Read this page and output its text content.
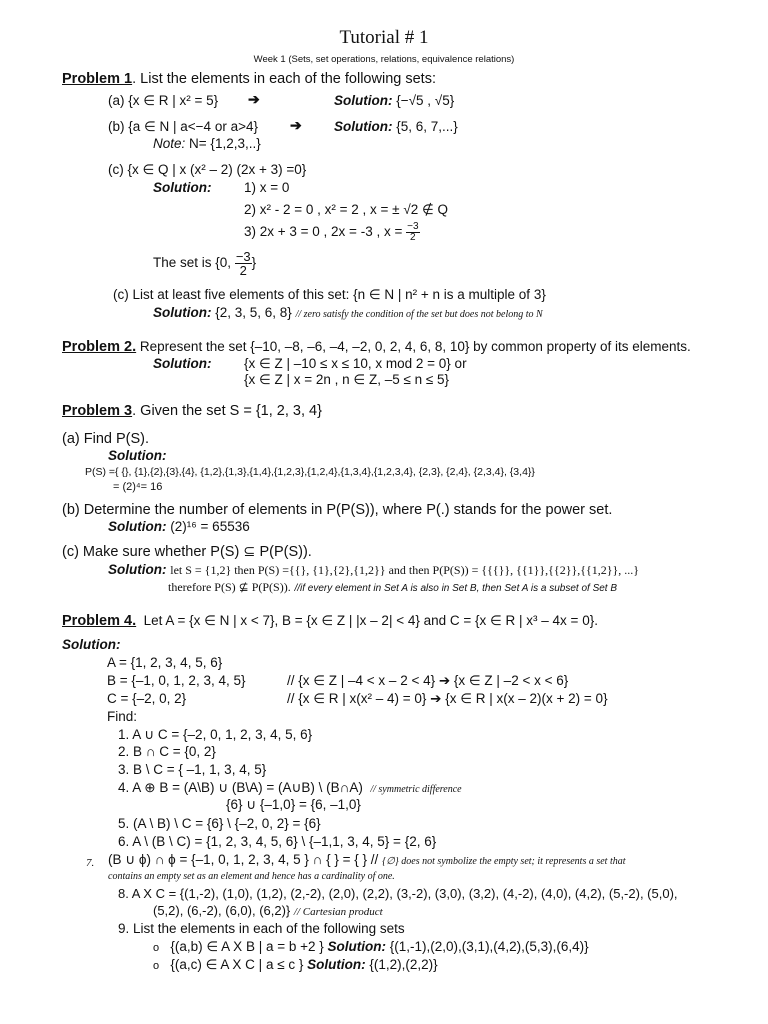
Tutorial # 1
Week 1 (Sets, set operations, relations, equivalence relations)
Problem 1. List the elements in each of the following sets:
(a) {x ∈ R | x² = 5} ➔	Solution: {−√5 , √5}
(b) {a ∈ N | a<−4 or a>4} ➔ Solution: {5, 6, 7,...}
Note: N= {1,2,3,..}
(c) {x ∈ Q | x (x² – 2) (2x + 3) =0}
Solution: 1) x = 0
2) x² - 2 = 0 , x² = 2 , x = ± √2 ∉ Q
3) 2x + 3 = 0 , 2x = -3 , $x = \frac{-3}{2}$
The set is {0, $\frac{-3}{2}$ }
(c) List at least five elements of this set: {n ∈ N | n² + n is a multiple of 3}
Solution: {2, 3, 5, 6, 8} // zero satisfy the condition of the set but does not belong to N
Problem 2. Represent the set {–10, –8, –6, –4, –2, 0, 2, 4, 6, 8, 10} by common property of its elements.
Solution: {x ∈ Z | –10 ≤ x ≤ 10, x mod 2 = 0} or
{x ∈ Z | x = 2n , n ∈ Z, –5 ≤ n ≤ 5}
Problem 3. Given the set S = {1, 2, 3, 4}
(a) Find P(S).
Solution:
P(S) ={ {}, {1},{2},{3},{4}, {1,2},{1,3},{1,4},{1,2,3},{1,2,4},{1,3,4},{1,2,3,4}, {2,3}, {2,4}, {2,3,4}, {3,4}}
= (2)⁴= 16
(b) Determine the number of elements in P(P(S)), where P(.) stands for the power set.
Solution: (2)¹⁶ = 65536
(c) Make sure whether P(S) ⊆ P(P(S)).
Solution: let S = {1,2} then P(S) ={{}, {1},{2},{1,2}} and then P(P(S)) = {{{}}, {{1}},{{2}},{{1,2}}, ...}
therefore P(S) ⊈ P(P(S)). //if every element in Set A is also in Set B, then Set A is a subset of Set B
Problem 4. Let A = {x ∈ N | x < 7}, B = {x ∈ Z | |x – 2| < 4} and C = {x ∈ R | x³ – 4x = 0}.
Solution:
A = {1, 2, 3, 4, 5, 6}
B = {–1, 0, 1, 2, 3, 4, 5}	// {x ∈ Z | –4 < x – 2 < 4} ➔ {x ∈ Z | –2 < x < 6}
C = {–2, 0, 2}	// {x ∈ R | x(x² – 4) = 0} ➔ {x ∈ R | x(x – 2)(x + 2) = 0}
Find:
1. A ∪ C = {–2, 0, 1, 2, 3, 4, 5, 6}
2. B ∩ C = {0, 2}
3. B \ C = { –1, 1, 3, 4, 5}
4. A ⊕ B = (A\B) ∪ (B\A) = (A∪B) \ (B∩A) // symmetric difference
{6} ∪ {–1,0} = {6, –1,0}
5. (A \ B) \ C = {6} \ {–2, 0, 2} = {6}
6. A \ (B \ C) = {1, 2, 3, 4, 5, 6} \ {–1,1, 3, 4, 5} = {2, 6}
7. (B ∪ ϕ) ∩ ϕ = {–1, 0, 1, 2, 3, 4, 5 } ∩ { } = { } // {∅} does not symbolize the empty set; it represents a set that
contains an empty set as an element and hence has a cardinality of one.
8. A X C = {(1,-2), (1,0), (1,2), (2,-2), (2,0), (2,2), (3,-2), (3,0), (3,2), (4,-2), (4,0), (4,2), (5,-2), (5,0),
(5,2), (6,-2), (6,0), (6,2)} // Cartesian product
9. List the elements in each of the following sets
o {(a,b) ∈ A X B | a = b +2 } Solution: {(1,-1),(2,0),(3,1),(4,2),(5,3),(6,4)}
o {(a,c) ∈ A X C | a ≤ c } Solution: {(1,2),(2,2)}
